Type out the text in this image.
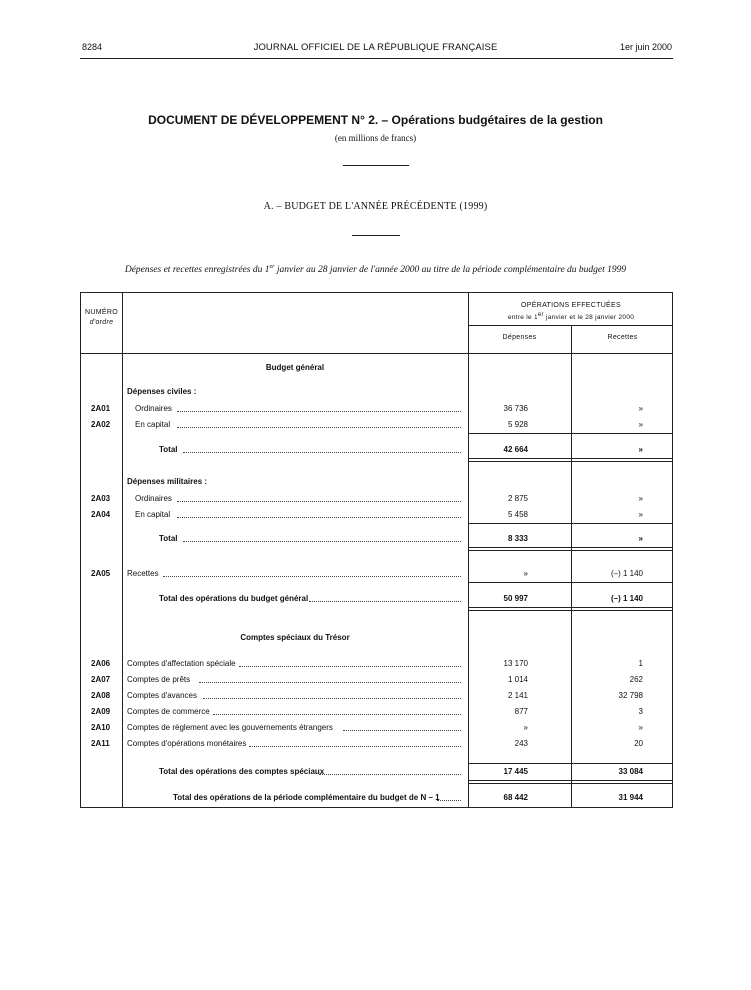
8284	JOURNAL OFFICIEL DE LA RÉPUBLIQUE FRANÇAISE	1er juin 2000
DOCUMENT DE DÉVELOPPEMENT N° 2. – Opérations budgétaires de la gestion
(en millions de francs)
A. – BUDGET DE L'ANNÉE PRÉCÉDENTE (1999)
Dépenses et recettes enregistrées du 1er janvier au 28 janvier de l'année 2000 au titre de la période complémentaire du budget 1999
NUMÉRO
d'ordre
OPÉRATIONS EFFECTUÉES
entre le 1er janvier et le 28 janvier 2000
Dépenses	Recettes
Budget général
Dépenses civiles :
Dépenses militaires :
Comptes spéciaux du Trésor
2A01	Ordinaires	36 736	»
2A02	En capital	5 928	»
Total	42 664	»
2A03	Ordinaires	2 875	»
2A04	En capital	5 458	»
Total	8 333	»
2A05 Recettes	»	(–) 1 140
Total des opérations du budget général	50 997	(–) 1 140
2A06 Comptes d'affectation spéciale	13 170	1
2A07 Comptes de prêts	1 014	262
2A08 Comptes d'avances	2 141	32 798
2A09 Comptes de commerce	877	3
2A10 Comptes de règlement avec les gouvernements étrangers	»	»
2A11 Comptes d'opérations monétaires	243	20
Total des opérations des comptes spéciaux	17 445	33 084
Total des opérations de la période complémentaire du budget de N – 1	68 442	31 944
